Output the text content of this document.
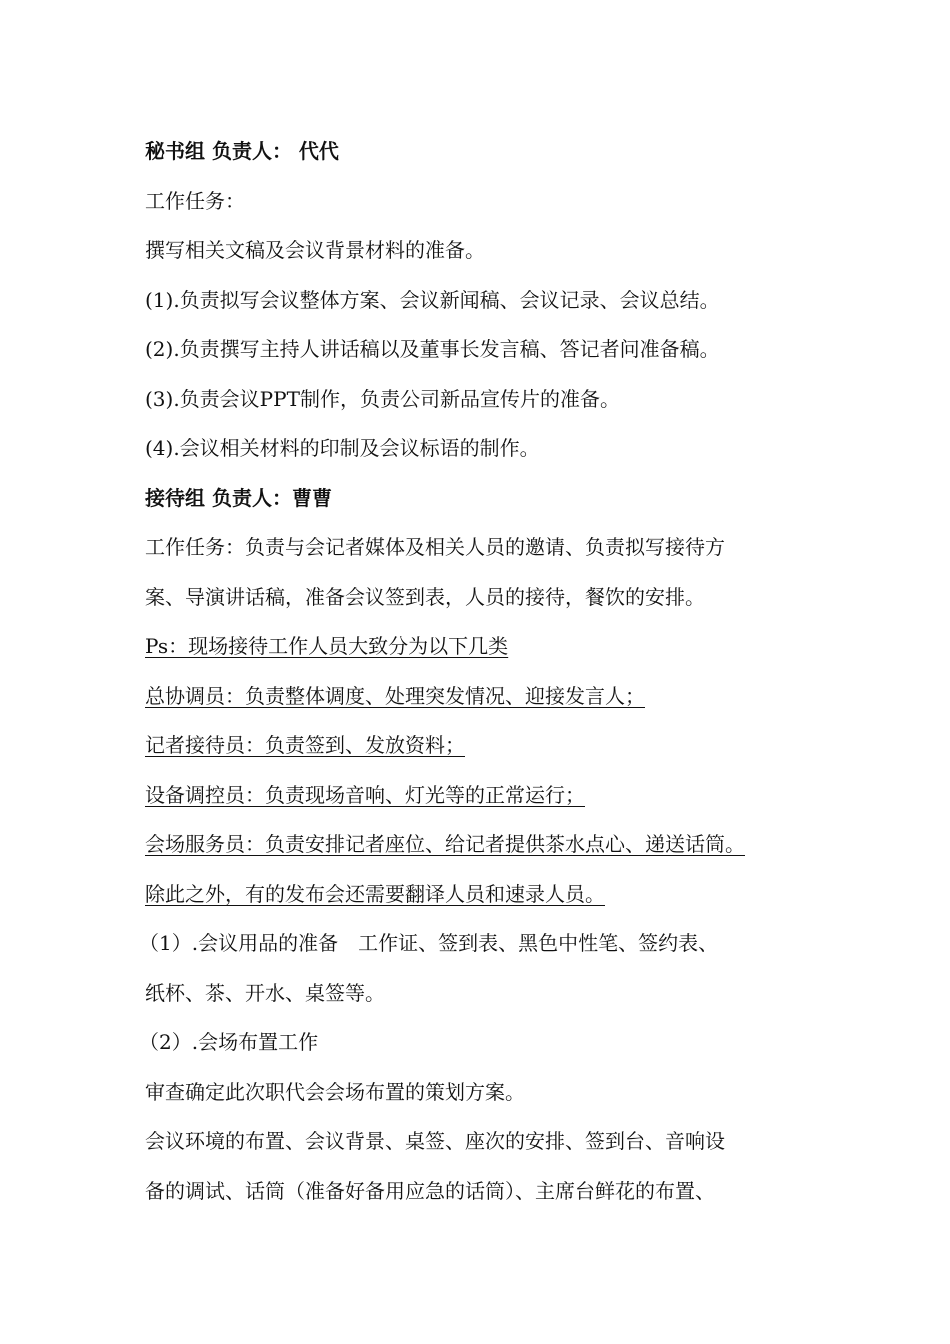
秘书组 负责人： 代代
工作任务：
撰写相关文稿及会议背景材料的准备。
(1).负责拟写会议整体方案、会议新闻稿、会议记录、会议总结。
(2).负责撰写主持人讲话稿以及董事长发言稿、答记者问准备稿。
(3).负责会议PPT制作，负责公司新品宣传片的准备。
(4).会议相关材料的印制及会议标语的制作。
接待组 负责人：曹曹
工作任务：负责与会记者媒体及相关人员的邀请、负责拟写接待方
案、导演讲话稿，准备会议签到表，人员的接待，餐饮的安排。
Ps：现场接待工作人员大致分为以下几类
总协调员：负责整体调度、处理突发情况、迎接发言人；
记者接待员：负责签到、发放资料；
设备调控员：负责现场音响、灯光等的正常运行；
会场服务员：负责安排记者座位、给记者提供茶水点心、递送话筒。
除此之外，有的发布会还需要翻译人员和速录人员。
（1）.会议用品的准备　工作证、签到表、黑色中性笔、签约表、
纸杯、茶、开水、桌签等。
（2）.会场布置工作
审查确定此次职代会会场布置的策划方案。
会议环境的布置、会议背景、桌签、座次的安排、签到台、音响设
备的调试、话筒（准备好备用应急的话筒）、主席台鲜花的布置、
